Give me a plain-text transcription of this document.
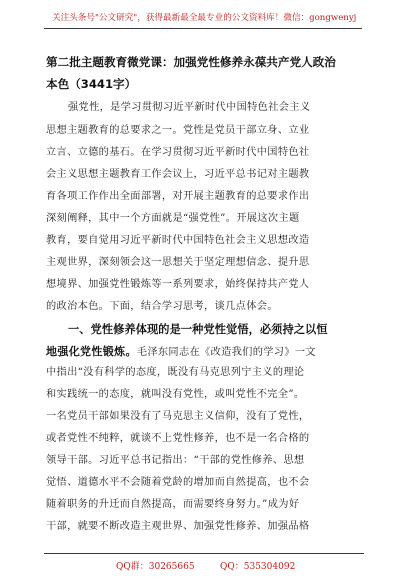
关注头条号"公文研究"，获得最新最全最专业的公文资料库！微信：gongwenyj
第二批主题教育微党课：加强党性修养永葆共产党人政治
本色（3441字）
强党性，是学习贯彻习近平新时代中国特色社会主义
思想主题教育的总要求之一。党性是党员干部立身、立业
立言、立德的基石。在学习贯彻习近平新时代中国特色社
会主义思想主题教育工作会议上，习近平总书记对主题教
育各项工作作出全面部署，对开展主题教育的总要求作出
深刻阐释，其中一个方面就是“强党性”。开展这次主题
教育，要自觉用习近平新时代中国特色社会主义思想改造
主观世界，深刻领会这一思想关于坚定理想信念、提升思
想境界、加强党性锻炼等一系列要求，始终保持共产党人
的政治本色。下面，结合学习思考，谈几点体会。
一、党性修养体现的是一种党性觉悟，必须持之以恒
地强化党性锻炼。毛泽东同志在《改造我们的学习》一文
中指出“没有科学的态度，既没有马克思列宁主义的理论
和实践统一的态度，就叫没有党性，或叫党性不完全”。
一名党员干部如果没有了马克思主义信仰，没有了党性，
或者党性不纯粹，就谈不上党性修养，也不是一名合格的
领导干部。习近平总书记指出：“干部的党性修养、思想
觉悟、道德水平不会随着党龄的增加而自然提高，也不会
随着职务的升迁而自然提高，而需要终身努力。”成为好
干部，就要不断改造主观世界、加强党性修养、加强品格
QQ群：30265665	QQ：535304092
